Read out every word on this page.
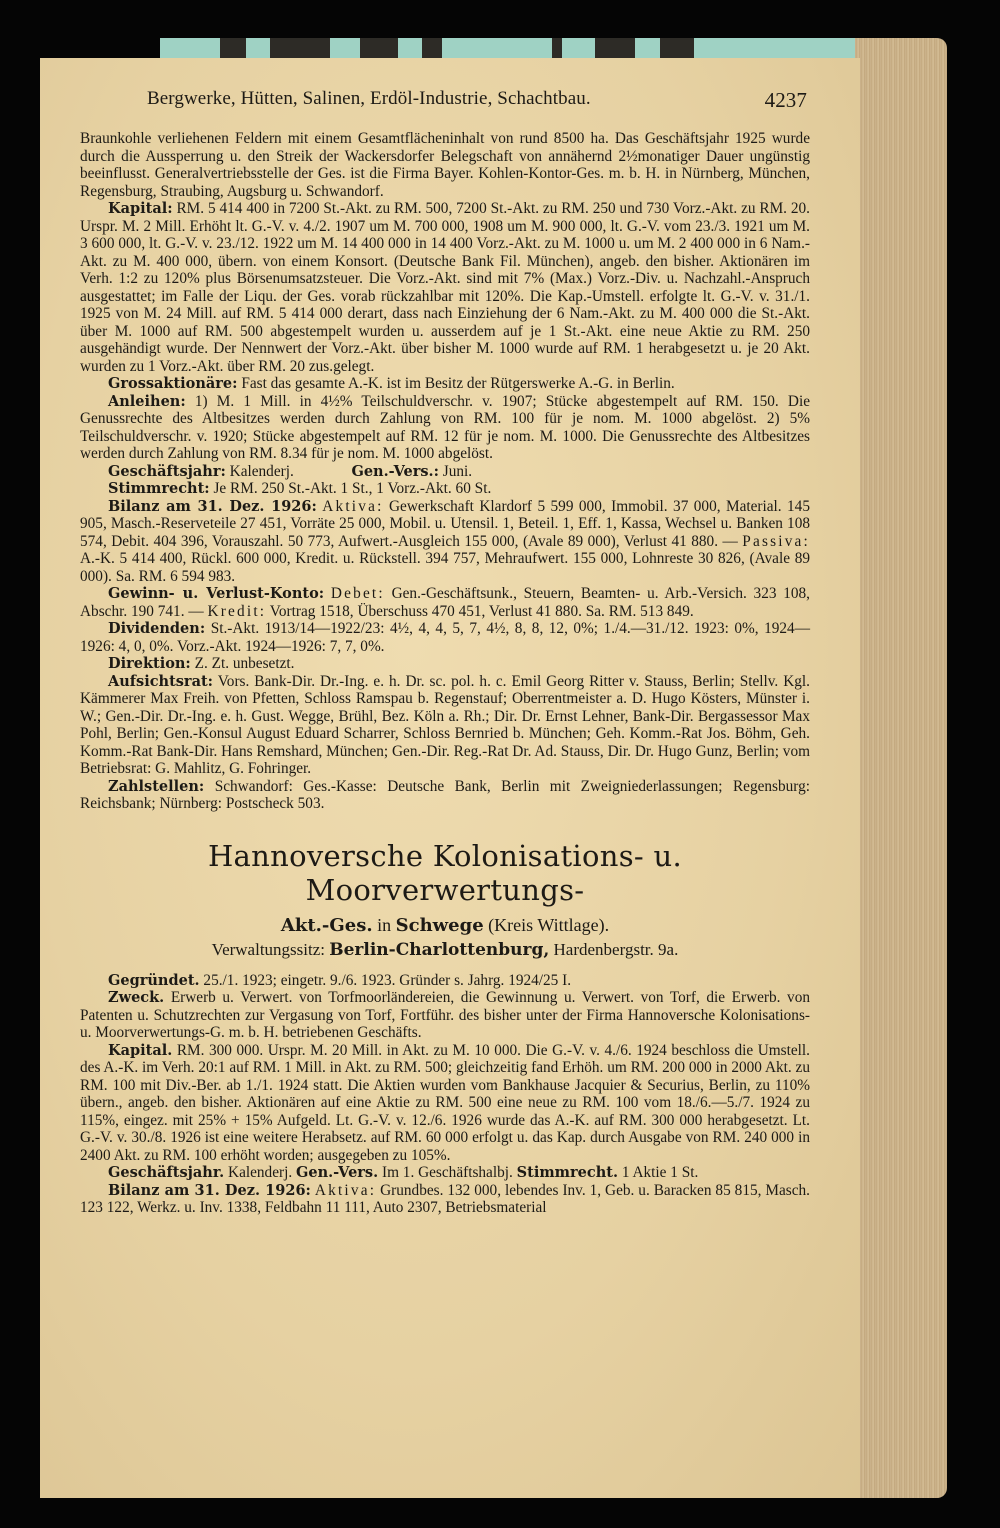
Bergwerke, Hütten, Salinen, Erdöl-Industrie, Schachtbau.	4237

Braunkohle verliehenen Feldern mit einem Gesamtflächeninhalt von rund 8500 ha. Das Geschäftsjahr 1925 wurde durch die Aussperrung u. den Streik der Wackersdorfer Belegschaft von annähernd 2½monatiger Dauer ungünstig beeinflusst. Generalvertriebsstelle der Ges. ist die Firma Bayer. Kohlen-Kontor-Ges. m. b. H. in Nürnberg, München, Regensburg, Straubing, Augsburg u. Schwandorf.

Kapital: RM. 5 414 400 in 7200 St.-Akt. zu RM. 500, 7200 St.-Akt. zu RM. 250 und 730 Vorz.-Akt. zu RM. 20. Urspr. M. 2 Mill. Erhöht lt. G.-V. v. 4./2. 1907 um M. 700 000, 1908 um M. 900 000, lt. G.-V. vom 23./3. 1921 um M. 3 600 000, lt. G.-V. v. 23./12. 1922 um M. 14 400 000 in 14 400 Vorz.-Akt. zu M. 1000 u. um M. 2 400 000 in 6 Nam.-Akt. zu M. 400 000, übern. von einem Konsort. (Deutsche Bank Fil. München), angeb. den bisher. Aktionären im Verh. 1:2 zu 120% plus Börsenumsatzsteuer. Die Vorz.-Akt. sind mit 7% (Max.) Vorz.-Div. u. Nachzahl.-Anspruch ausgestattet; im Falle der Liqu. der Ges. vorab rückzahlbar mit 120%. Die Kap.-Umstell. erfolgte lt. G.-V. v. 31./1. 1925 von M. 24 Mill. auf RM. 5 414 000 derart, dass nach Einziehung der 6 Nam.-Akt. zu M. 400 000 die St.-Akt. über M. 1000 auf RM. 500 abgestempelt wurden u. ausserdem auf je 1 St.-Akt. eine neue Aktie zu RM. 250 ausgehändigt wurde. Der Nennwert der Vorz.-Akt. über bisher M. 1000 wurde auf RM. 1 herabgesetzt u. je 20 Akt. wurden zu 1 Vorz.-Akt. über RM. 20 zus.gelegt.

Grossaktionäre: Fast das gesamte A.-K. ist im Besitz der Rütgerswerke A.-G. in Berlin.

Anleihen: 1) M. 1 Mill. in 4½% Teilschuldverschr. v. 1907; Stücke abgestempelt auf RM. 150. Die Genussrechte des Altbesitzes werden durch Zahlung von RM. 100 für je nom. M. 1000 abgelöst. 2) 5% Teilschuldverschr. v. 1920; Stücke abgestempelt auf RM. 12 für je nom. M. 1000. Die Genussrechte des Altbesitzes werden durch Zahlung von RM. 8.34 für je nom. M. 1000 abgelöst.

Geschäftsjahr: Kalenderj.	Gen.-Vers.: Juni.

Stimmrecht: Je RM. 250 St.-Akt. 1 St., 1 Vorz.-Akt. 60 St.

Bilanz am 31. Dez. 1926: Aktiva: Gewerkschaft Klardorf 5 599 000, Immobil. 37 000, Material. 145 905, Masch.-Reserveteile 27 451, Vorräte 25 000, Mobil. u. Utensil. 1, Beteil. 1, Eff. 1, Kassa, Wechsel u. Banken 108 574, Debit. 404 396, Vorauszahl. 50 773, Aufwert.-Ausgleich 155 000, (Avale 89 000), Verlust 41 880. — Passiva: A.-K. 5 414 400, Rückl. 600 000, Kredit. u. Rückstell. 394 757, Mehraufwert. 155 000, Lohnreste 30 826, (Avale 89 000). Sa. RM. 6 594 983.

Gewinn- u. Verlust-Konto: Debet: Gen.-Geschäftsunk., Steuern, Beamten- u. Arb.-Versich. 323 108, Abschr. 190 741. — Kredit: Vortrag 1518, Überschuss 470 451, Verlust 41 880. Sa. RM. 513 849.

Dividenden: St.-Akt. 1913/14—1922/23: 4½, 4, 4, 5, 7, 4½, 8, 8, 12, 0%; 1./4.—31./12. 1923: 0%, 1924—1926: 4, 0, 0%. Vorz.-Akt. 1924—1926: 7, 7, 0%.

Direktion: Z. Zt. unbesetzt.

Aufsichtsrat: Vors. Bank-Dir. Dr.-Ing. e. h. Dr. sc. pol. h. c. Emil Georg Ritter v. Stauss, Berlin; Stellv. Kgl. Kämmerer Max Freih. von Pfetten, Schloss Ramspau b. Regenstauf; Oberrentmeister a. D. Hugo Kösters, Münster i. W.; Gen.-Dir. Dr.-Ing. e. h. Gust. Wegge, Brühl, Bez. Köln a. Rh.; Dir. Dr. Ernst Lehner, Bank-Dir. Bergassessor Max Pohl, Berlin; Gen.-Konsul August Eduard Scharrer, Schloss Bernried b. München; Geh. Komm.-Rat Jos. Böhm, Geh. Komm.-Rat Bank-Dir. Hans Remshard, München; Gen.-Dir. Reg.-Rat Dr. Ad. Stauss, Dir. Dr. Hugo Gunz, Berlin; vom Betriebsrat: G. Mahlitz, G. Fohringer.

Zahlstellen: Schwandorf: Ges.-Kasse: Deutsche Bank, Berlin mit Zweigniederlassungen; Regensburg: Reichsbank; Nürnberg: Postscheck 503.

Hannoversche Kolonisations- u. Moorverwertungs-
Akt.-Ges. in Schwege (Kreis Wittlage).
Verwaltungssitz: Berlin-Charlottenburg, Hardenbergstr. 9a.

Gegründet. 25./1. 1923; eingetr. 9./6. 1923. Gründer s. Jahrg. 1924/25 I.

Zweck. Erwerb u. Verwert. von Torfmoorländereien, die Gewinnung u. Verwert. von Torf, die Erwerb. von Patenten u. Schutzrechten zur Vergasung von Torf, Fortführ. des bisher unter der Firma Hannoversche Kolonisations- u. Moorverwertungs-G. m. b. H. betriebenen Geschäfts.

Kapital. RM. 300 000. Urspr. M. 20 Mill. in Akt. zu M. 10 000. Die G.-V. v. 4./6. 1924 beschloss die Umstell. des A.-K. im Verh. 20:1 auf RM. 1 Mill. in Akt. zu RM. 500; gleichzeitig fand Erhöh. um RM. 200 000 in 2000 Akt. zu RM. 100 mit Div.-Ber. ab 1./1. 1924 statt. Die Aktien wurden vom Bankhause Jacquier & Securius, Berlin, zu 110% übern., angeb. den bisher. Aktionären auf eine Aktie zu RM. 500 eine neue zu RM. 100 vom 18./6.—5./7. 1924 zu 115%, eingez. mit 25% + 15% Aufgeld. Lt. G.-V. v. 12./6. 1926 wurde das A.-K. auf RM. 300 000 herabgesetzt. Lt. G.-V. v. 30./8. 1926 ist eine weitere Herabsetz. auf RM. 60 000 erfolgt u. das Kap. durch Ausgabe von RM. 240 000 in 2400 Akt. zu RM. 100 erhöht worden; ausgegeben zu 105%.

Geschäftsjahr. Kalenderj. Gen.-Vers. Im 1. Geschäftshalbj. Stimmrecht. 1 Aktie 1 St.

Bilanz am 31. Dez. 1926: Aktiva: Grundbes. 132 000, lebendes Inv. 1, Geb. u. Baracken 85 815, Masch. 123 122, Werkz. u. Inv. 1338, Feldbahn 11 111, Auto 2307, Betriebsmaterial
